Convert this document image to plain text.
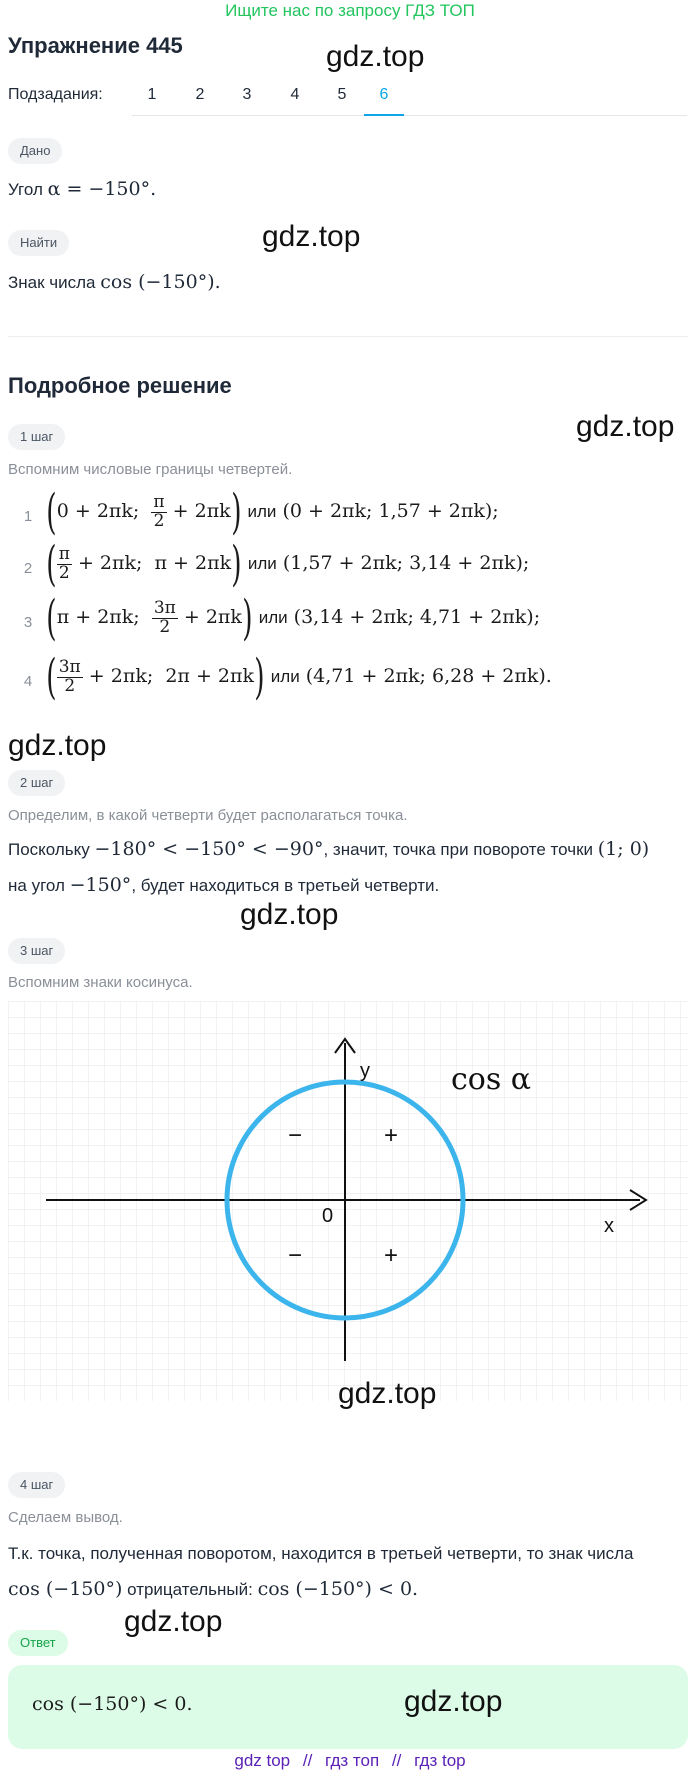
Ищите нас по запросу ГДЗ ТОП
Упражнение 445	gdz.top
Подзадания:	1	2	3	4	5	6
Дано
Угол α = −150°.
Найти	gdz.top
Знак числа cos (−150°).
Подробное решение
1 шаг	gdz.top
Вспомним числовые границы четвертей.
1 (0 + 2πk; $\frac{\pi}{2} + 2\pi k$) или (0 + 2πk; 1,57 + 2πk);
2 ( $\frac{\pi}{2} + 2\pi k$; π + 2πk) или (1,57 + 2πk; 3,14 + 2πk);
3 (π + 2πk; $\frac{3\pi}{2} + 2\pi k$) или (3,14 + 2πk; 4,71 + 2πk);
4 ( $\frac{3\pi}{2} + 2\pi k$; 2π + 2πk) или (4,71 + 2πk; 6,28 + 2πk).
gdz.top
2 шаг
Определим, в какой четверти будет располагаться точка.
Поскольку −180° < −150° < −90°, значит, точка при повороте точки (1; 0)
на угол −150°, будет находиться в третьей четверти.
gdz.top
3 шаг
Вспомним знаки косинуса.
y
x
0
cos α
+
−
−	+
gdz.top
4 шаг
Сделаем вывод.
Т.к. точка, полученная поворотом, находится в третьей четверти, то знак числа
cos (−150°) отрицательный: cos (−150°) < 0.
gdz.top
Ответ
cos (−150°) < 0.	gdz.top
gdz top // гдз топ // гдз top
